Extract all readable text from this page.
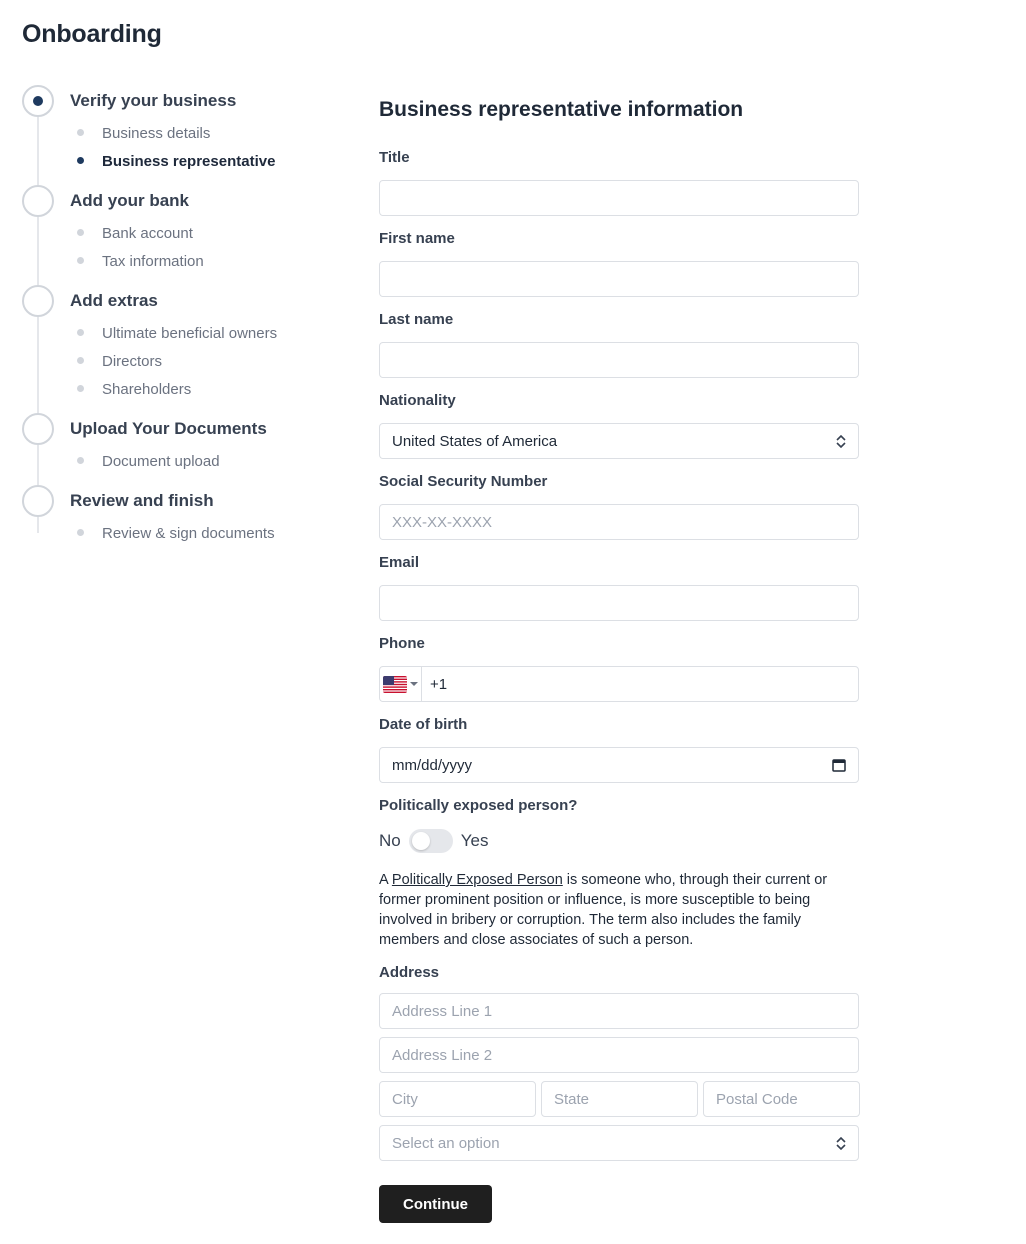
Onboarding
Verify your business
Business details
Business representative
Add your bank
Bank account
Tax information
Add extras
Ultimate beneficial owners
Directors
Shareholders
Upload Your Documents
Document upload
Review and finish
Review & sign documents
Business representative information
Title
First name
Last name
Nationality
United States of America
Social Security Number
XXX-XX-XXXX
Email
Phone
+1
Date of birth
mm/dd/yyyy
Politically exposed person?
No	Yes

A Politically Exposed Person is someone who, through their current or former prominent position or influence, is more susceptible to being involved in bribery or corruption. The term also includes the family members and close associates of such a person.

Address
Address Line 1
Address Line 2
City
State
Postal Code
Select an option
Continue
